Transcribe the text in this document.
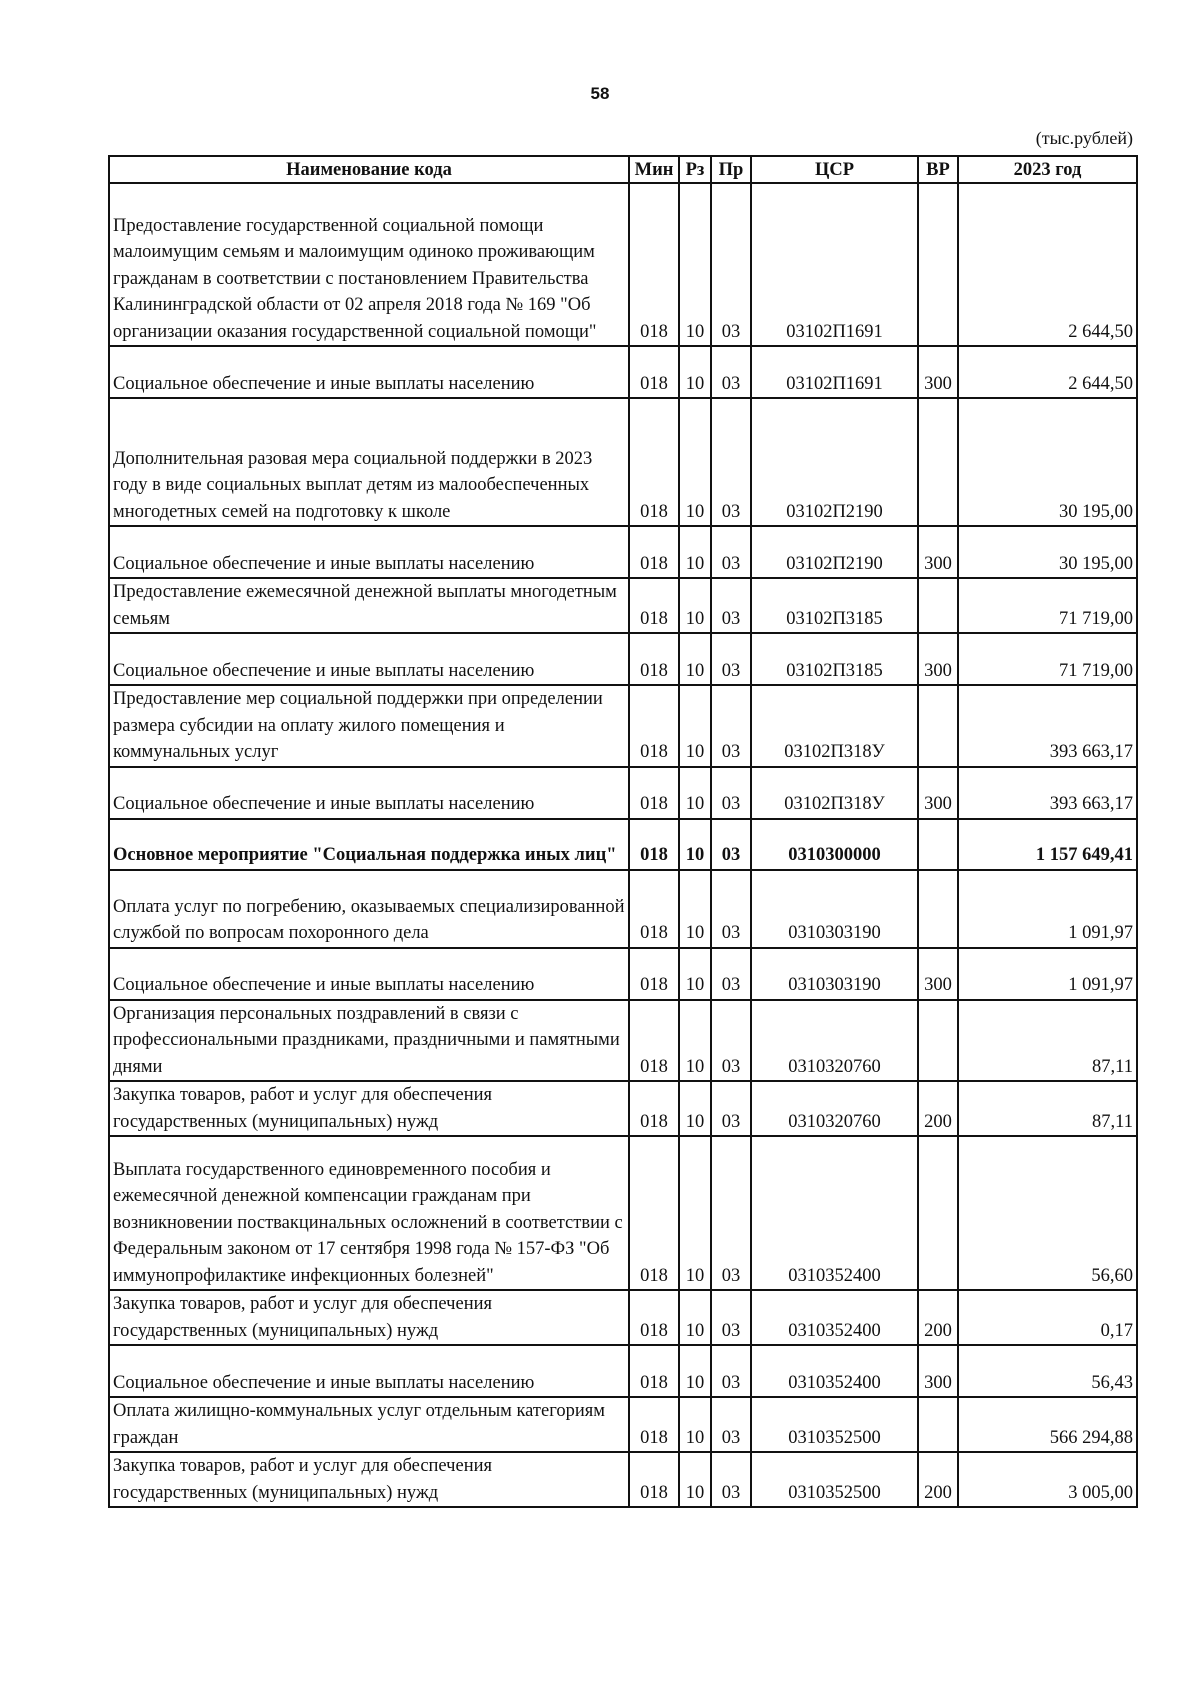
58
(тыс.рублей)
Наименование кода	Мин	Рз	Пр	ЦСР	ВР	2023 год
Предоставление государственной социальной помощи малоимущим семьям и малоимущим одиноко проживающим гражданам в соответствии с постановлением Правительства Калининградской области от 02 апреля 2018 года № 169 "Об организации оказания государственной социальной помощи"	018	10	03	03102П1691		2 644,50
Социальное обеспечение и иные выплаты населению	018	10	03	03102П1691	300	2 644,50
Дополнительная разовая мера социальной поддержки в 2023 году в виде социальных выплат детям из малообеспеченных многодетных семей на подготовку к школе	018	10	03	03102П2190		30 195,00
Социальное обеспечение и иные выплаты населению	018	10	03	03102П2190	300	30 195,00
Предоставление ежемесячной денежной выплаты многодетным семьям	018	10	03	03102П3185		71 719,00
Социальное обеспечение и иные выплаты населению	018	10	03	03102П3185	300	71 719,00
Предоставление мер социальной поддержки при определении размера субсидии на оплату жилого помещения и коммунальных услуг	018	10	03	03102П318У		393 663,17
Социальное обеспечение и иные выплаты населению	018	10	03	03102П318У	300	393 663,17
Основное мероприятие "Социальная поддержка иных лиц"	018	10	03	0310300000		1 157 649,41
Оплата услуг по погребению, оказываемых специализированной службой по вопросам похоронного дела	018	10	03	0310303190		1 091,97
Социальное обеспечение и иные выплаты населению	018	10	03	0310303190	300	1 091,97
Организация персональных поздравлений в связи с профессиональными праздниками, праздничными и памятными днями	018	10	03	0310320760		87,11
Закупка товаров, работ и услуг для обеспечения государственных (муниципальных) нужд	018	10	03	0310320760	200	87,11
Выплата государственного единовременного пособия и ежемесячной денежной компенсации гражданам при возникновении поствакцинальных осложнений в соответствии с Федеральным законом от 17 сентября 1998 года № 157-ФЗ "Об иммунопрофилактике инфекционных болезней"	018	10	03	0310352400		56,60
Закупка товаров, работ и услуг для обеспечения государственных (муниципальных) нужд	018	10	03	0310352400	200	0,17
Социальное обеспечение и иные выплаты населению	018	10	03	0310352400	300	56,43
Оплата жилищно-коммунальных услуг отдельным категориям граждан	018	10	03	0310352500		566 294,88
Закупка товаров, работ и услуг для обеспечения государственных (муниципальных) нужд	018	10	03	0310352500	200	3 005,00
